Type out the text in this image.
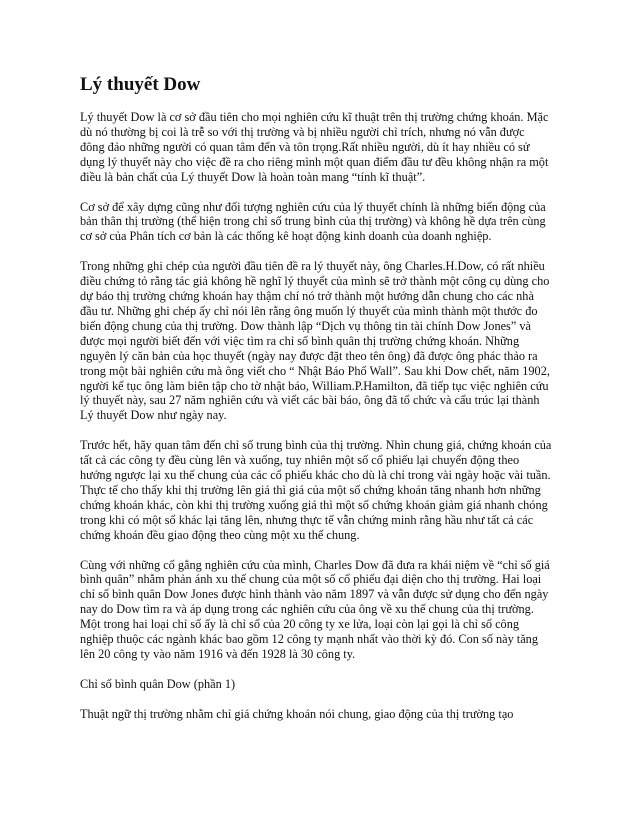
Lý thuyết Dow

Lý thuyết Dow là cơ sở đầu tiên cho mọi nghiên cứu kĩ thuật trên thị trường chứng khoán. Mặc dù nó thường bị coi là trễ so với thị trường và bị nhiều người chỉ trích, nhưng nó vẫn được đông đảo những người có quan tâm đến và tôn trọng.Rất nhiều người, dù ít hay nhiều có sử dụng lý thuyết này cho việc đề ra cho riêng mình một quan điểm đầu tư đều không nhận ra một điều là bản chất của Lý thuyết Dow là hoàn toàn mang “tính kĩ thuật”.

Cơ sở để xây dựng cũng như đối tượng nghiên cứu của lý thuyết chính là những biến động của bản thân thị trường (thể hiện trong chỉ số trung bình của thị trường) và không hề dựa trên cùng cơ sở của Phân tích cơ bản là các thống kê hoạt động kinh doanh của doanh nghiệp.

Trong những ghi chép của người đầu tiên đề ra lý thuyết này, ông Charles.H.Dow, có rất nhiều điều chứng tỏ rằng tác giả không hề nghĩ lý thuyết của mình sẽ trở thành một công cụ dùng cho dự báo thị trường chứng khoán hay thậm chí nó trở thành một hướng dẫn chung cho các nhà đầu tư. Những ghi chép ấy chỉ nói lên rằng ông muốn lý thuyết của mình thành một thước đo biến động chung của thị trường. Dow thành lập “Dịch vụ thông tin tài chính Dow Jones” và được mọi người biết đến với việc tìm ra chỉ số bình quân thị trường chứng khoán. Những nguyên lý căn bản của học thuyết (ngày nay được đặt theo tên ông) đã được ông phác thảo ra trong một bài nghiên cứu mà ông viết cho “ Nhật Báo Phố Wall”. Sau khi Dow chết, năm 1902, người kế tục ông làm biên tập cho tờ nhật báo, William.P.Hamilton, đã tiếp tục việc nghiên cứu lý thuyết này, sau 27 năm nghiên cứu và viết các bài báo, ông đã tổ chức và cấu trúc lại thành Lý thuyết Dow như ngày nay.

Trước hết, hãy quan tâm đến chỉ số trung bình của thị trường. Nhìn chung giá, chứng khoán của tất cả các công ty đều cùng lên và xuống, tuy nhiên một số cổ phiếu lại chuyển động theo hướng ngược lại xu thế chung của các cổ phiếu khác cho dù là chỉ trong vài ngày hoặc vài tuần. Thực tế cho thấy khi thị trường lên giá thì giá của một số chứng khoán tăng nhanh hơn những chứng khoán khác, còn khi thị trường xuống giá thì một số chứng khoán giảm giá nhanh chóng trong khi có một số khác lại tăng lên, nhưng thực tế vẫn chứng minh rằng hầu như tất cả các chứng khoán đều giao động theo cùng một xu thế chung.

Cùng với những cố gắng nghiên cứu của mình, Charles Dow đã đưa ra khái niệm về “chỉ số giá bình quân” nhằm phản ánh xu thế chung của một số cổ phiếu đại diện cho thị trường. Hai loại chỉ số bình quân Dow Jones được hình thành vào năm 1897 và vẫn được sử dụng cho đến ngày nay do Dow tìm ra và áp dụng trong các nghiên cứu của ông về xu thế chung của thị trường. Một trong hai loại chỉ số ấy là chỉ số của 20 công ty xe lửa, loại còn lại gọi là chỉ số công nghiệp thuộc các ngành khác bao gồm 12 công ty mạnh nhất vào thời kỳ đó. Con số này tăng lên 20 công ty vào năm 1916 và đến 1928 là 30 công ty.

Chỉ số bình quân Dow (phần 1)

Thuật ngữ thị trường nhằm chỉ giá chứng khoán nói chung, giao động của thị trường tạo
